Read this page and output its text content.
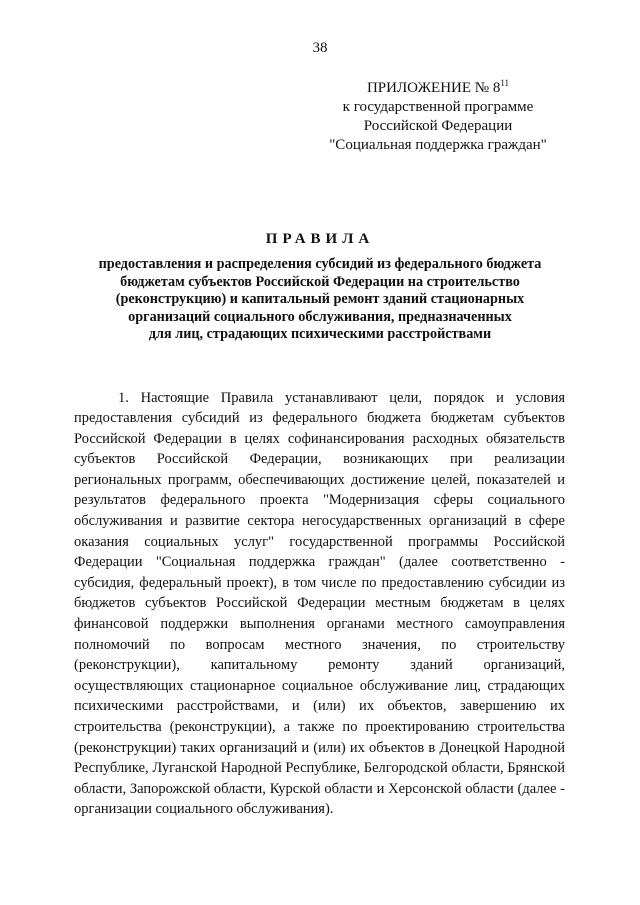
38
ПРИЛОЖЕНИЕ № $8^{11}$
к государственной программе
Российской Федерации
"Социальная поддержка граждан"
ПРАВИЛА
предоставления и распределения субсидий из федерального бюджета
бюджетам субъектов Российской Федерации на строительство
(реконструкцию) и капитальный ремонт зданий стационарных
организаций социального обслуживания, предназначенных
для лиц, страдающих психическими расстройствами

1. Настоящие Правила устанавливают цели, порядок и условия предоставления субсидий из федерального бюджета бюджетам субъектов Российской Федерации в целях софинансирования расходных обязательств субъектов Российской Федерации, возникающих при реализации региональных программ, обеспечивающих достижение целей, показателей и результатов федерального проекта "Модернизация сферы социального обслуживания и развитие сектора негосударственных организаций в сфере оказания социальных услуг" государственной программы Российской Федерации "Социальная поддержка граждан" (далее соответственно - субсидия, федеральный проект), в том числе по предоставлению субсидии из бюджетов субъектов Российской Федерации местным бюджетам в целях финансовой поддержки выполнения органами местного самоуправления полномочий по вопросам местного значения, по строительству (реконструкции), капитальному ремонту зданий организаций, осуществляющих стационарное социальное обслуживание лиц, страдающих психическими расстройствами, и (или) их объектов, завершению их строительства (реконструкции), а также по проектированию строительства (реконструкции) таких организаций и (или) их объектов в Донецкой Народной Республике, Луганской Народной Республике, Белгородской области, Брянской области, Запорожской области, Курской области и Херсонской области (далее - организации социального обслуживания).
